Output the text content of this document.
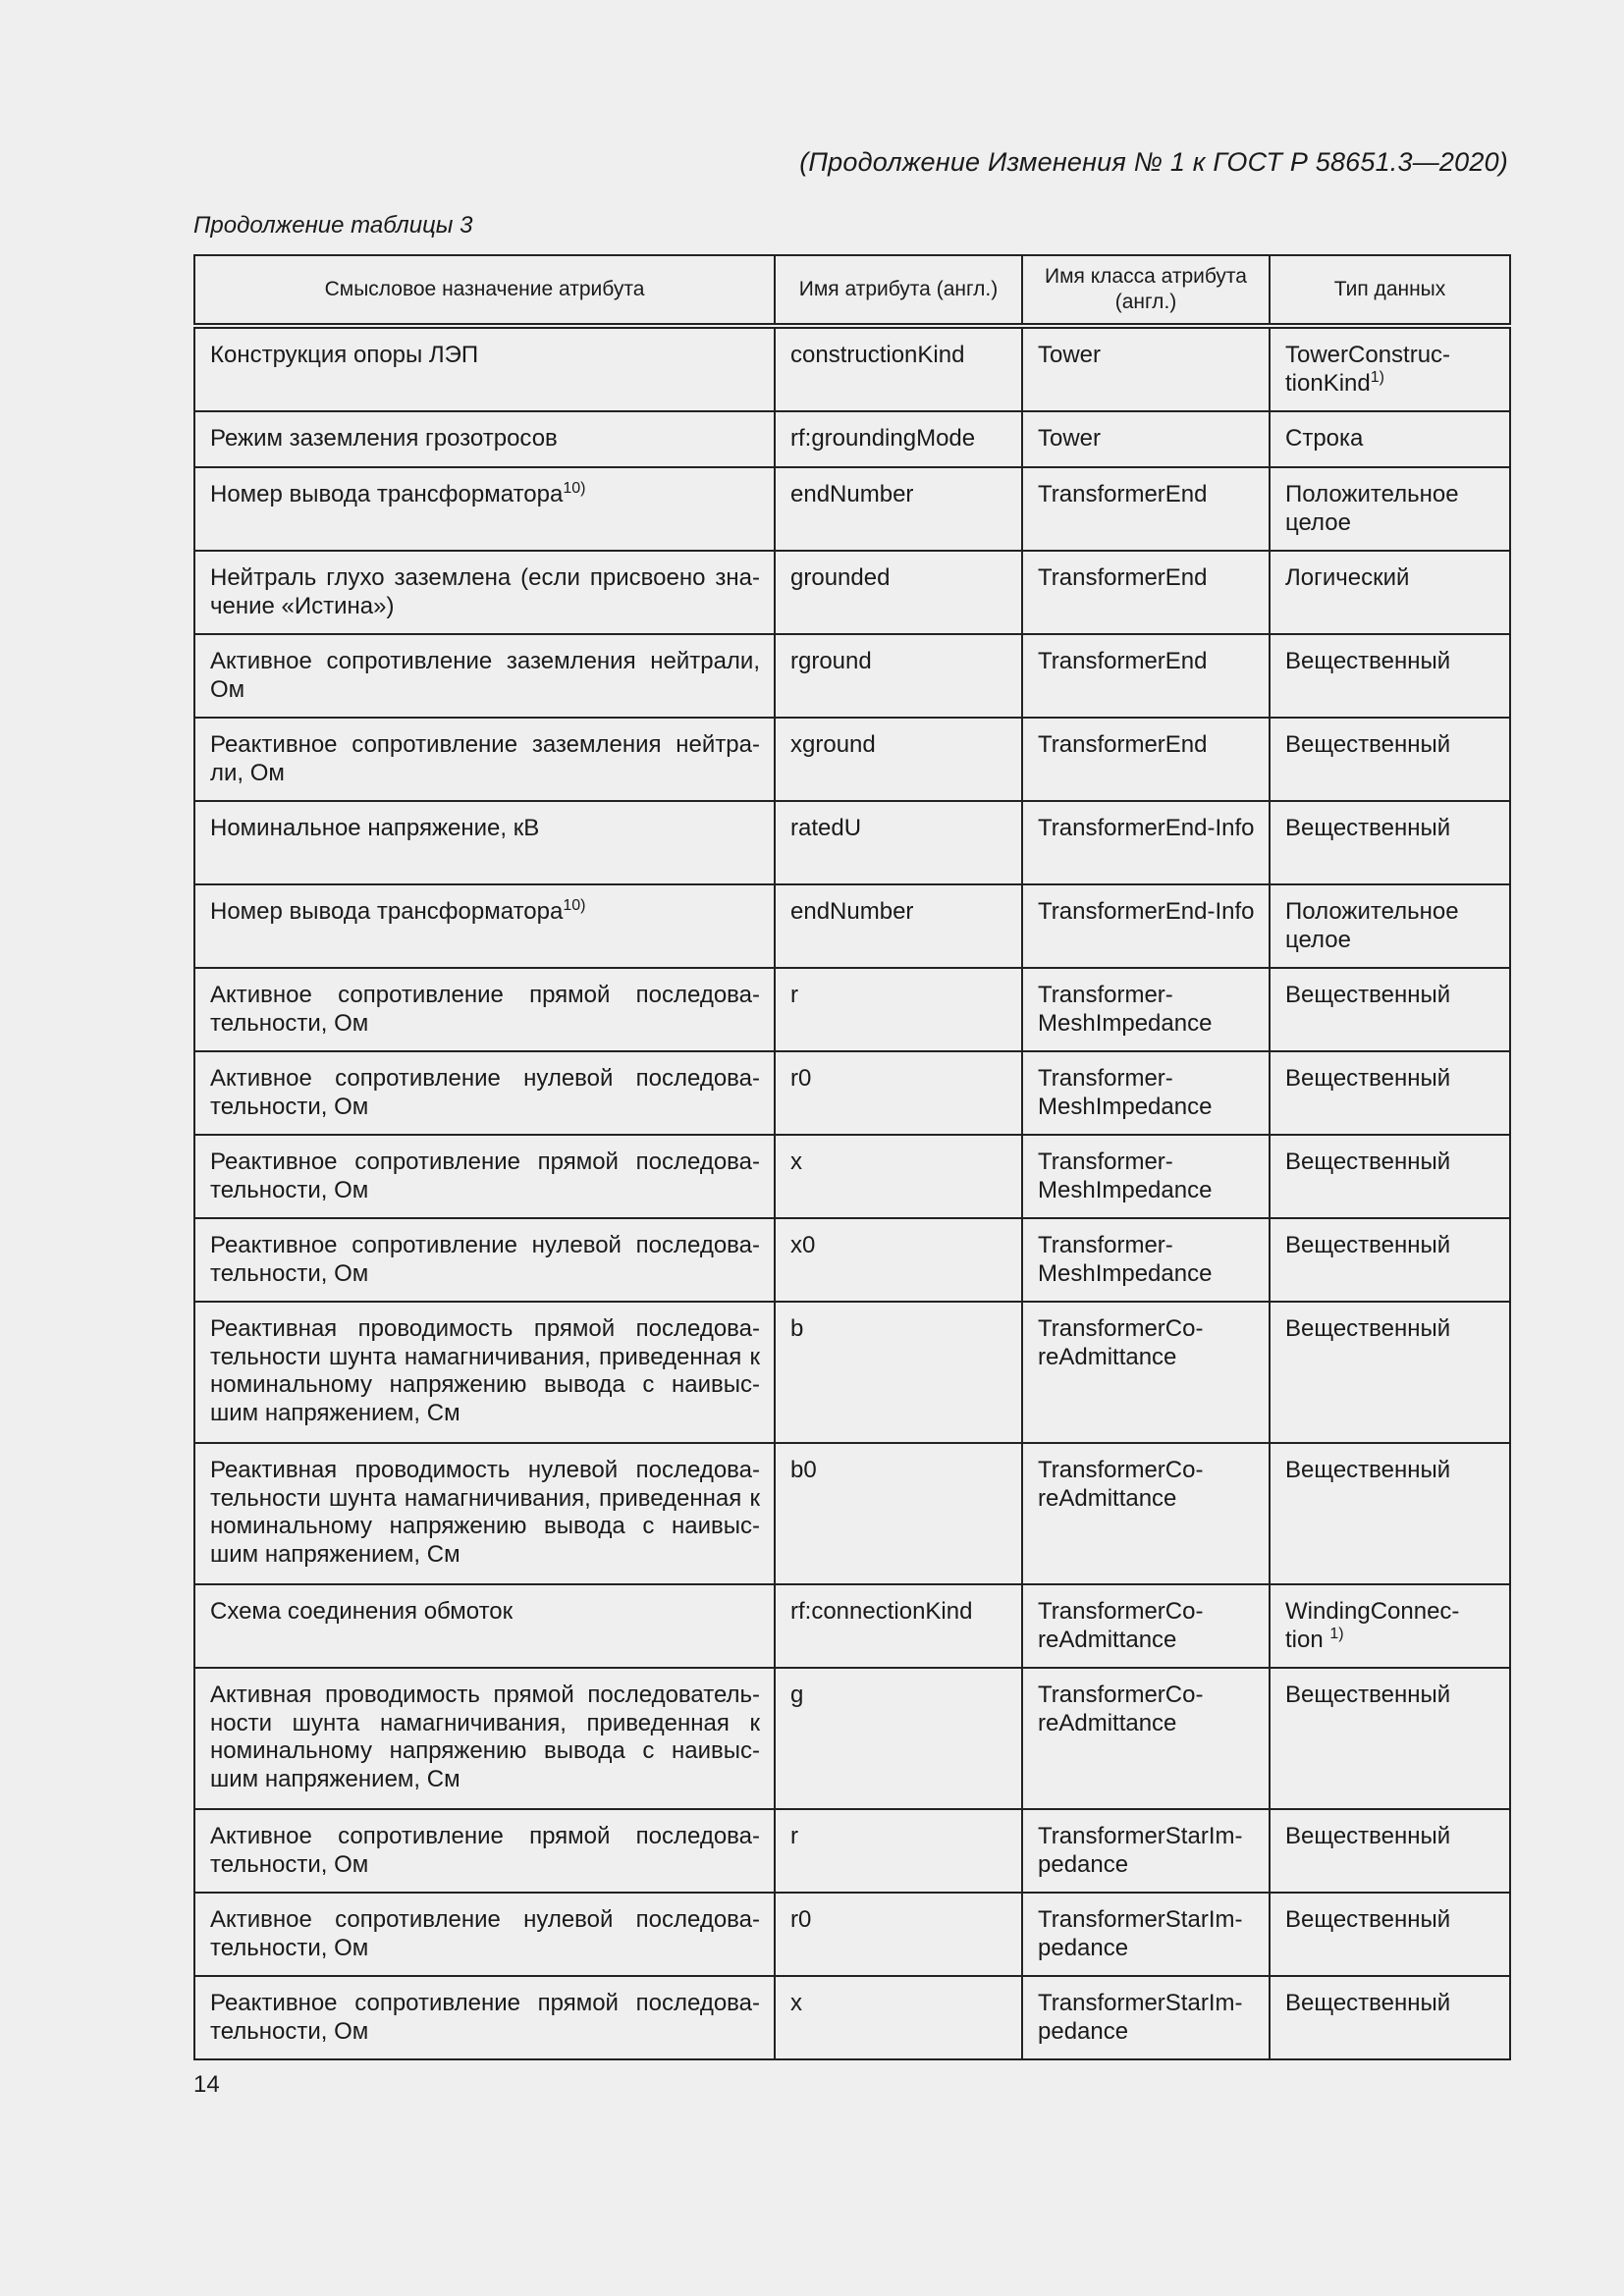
(Продолжение Изменения № 1 к ГОСТ Р 58651.3—2020)
Продолжение таблицы 3
Смысловое назначение атрибута	Имя атрибута (англ.)	Имя класса атрибута (англ.)	Тип данных
Конструкция опоры ЛЭП	constructionKind	Tower	TowerConstruc-tionKind$^{1)}$
Режим заземления грозотросов	rf:groundingMode	Tower	Строка
Номер вывода трансформатора$^{10)}$	endNumber	TransformerEnd	Положительное целое
Нейтраль глухо заземлена (если присвоено зна-чение «Истина»)	grounded	TransformerEnd	Логический
Активное сопротивление заземления нейтрали, Ом	rground	TransformerEnd	Вещественный
Реактивное сопротивление заземления нейтра-ли, Ом	xground	TransformerEnd	Вещественный
Номинальное напряжение, кВ	ratedU	TransformerEnd-Info	Вещественный
Номер вывода трансформатора$^{10)}$	endNumber	TransformerEnd-Info	Положительное целое
Активное сопротивление прямой последова-тельности, Ом	r	Transformer-MeshImpedance	Вещественный
Активное сопротивление нулевой последова-тельности, Ом	r0	Transformer-MeshImpedance	Вещественный
Реактивное сопротивление прямой последова-тельности, Ом	x	Transformer-MeshImpedance	Вещественный
Реактивное сопротивление нулевой последова-тельности, Ом	x0	Transformer-MeshImpedance	Вещественный
Реактивная проводимость прямой последова-тельности шунта намагничивания, приведенная к номинальному напряжению вывода с наивыс-шим напряжением, См	b	TransformerCo-reAdmittance	Вещественный
Реактивная проводимость нулевой последова-тельности шунта намагничивания, приведенная к номинальному напряжению вывода с наивыс-шим напряжением, См	b0	TransformerCo-reAdmittance	Вещественный
Схема соединения обмоток	rf:connectionKind	TransformerCo-reAdmittance	WindingConnec-tion $^{1)}$
Активная проводимость прямой последователь-ности шунта намагничивания, приведенная к номинальному напряжению вывода с наивыс-шим напряжением, См	g	TransformerCo-reAdmittance	Вещественный
Активное сопротивление прямой последова-тельности, Ом	r	TransformerStarIm-pedance	Вещественный
Активное сопротивление нулевой последова-тельности, Ом	r0	TransformerStarIm-pedance	Вещественный
Реактивное сопротивление прямой последова-тельности, Ом	x	TransformerStarIm-pedance	Вещественный
14
